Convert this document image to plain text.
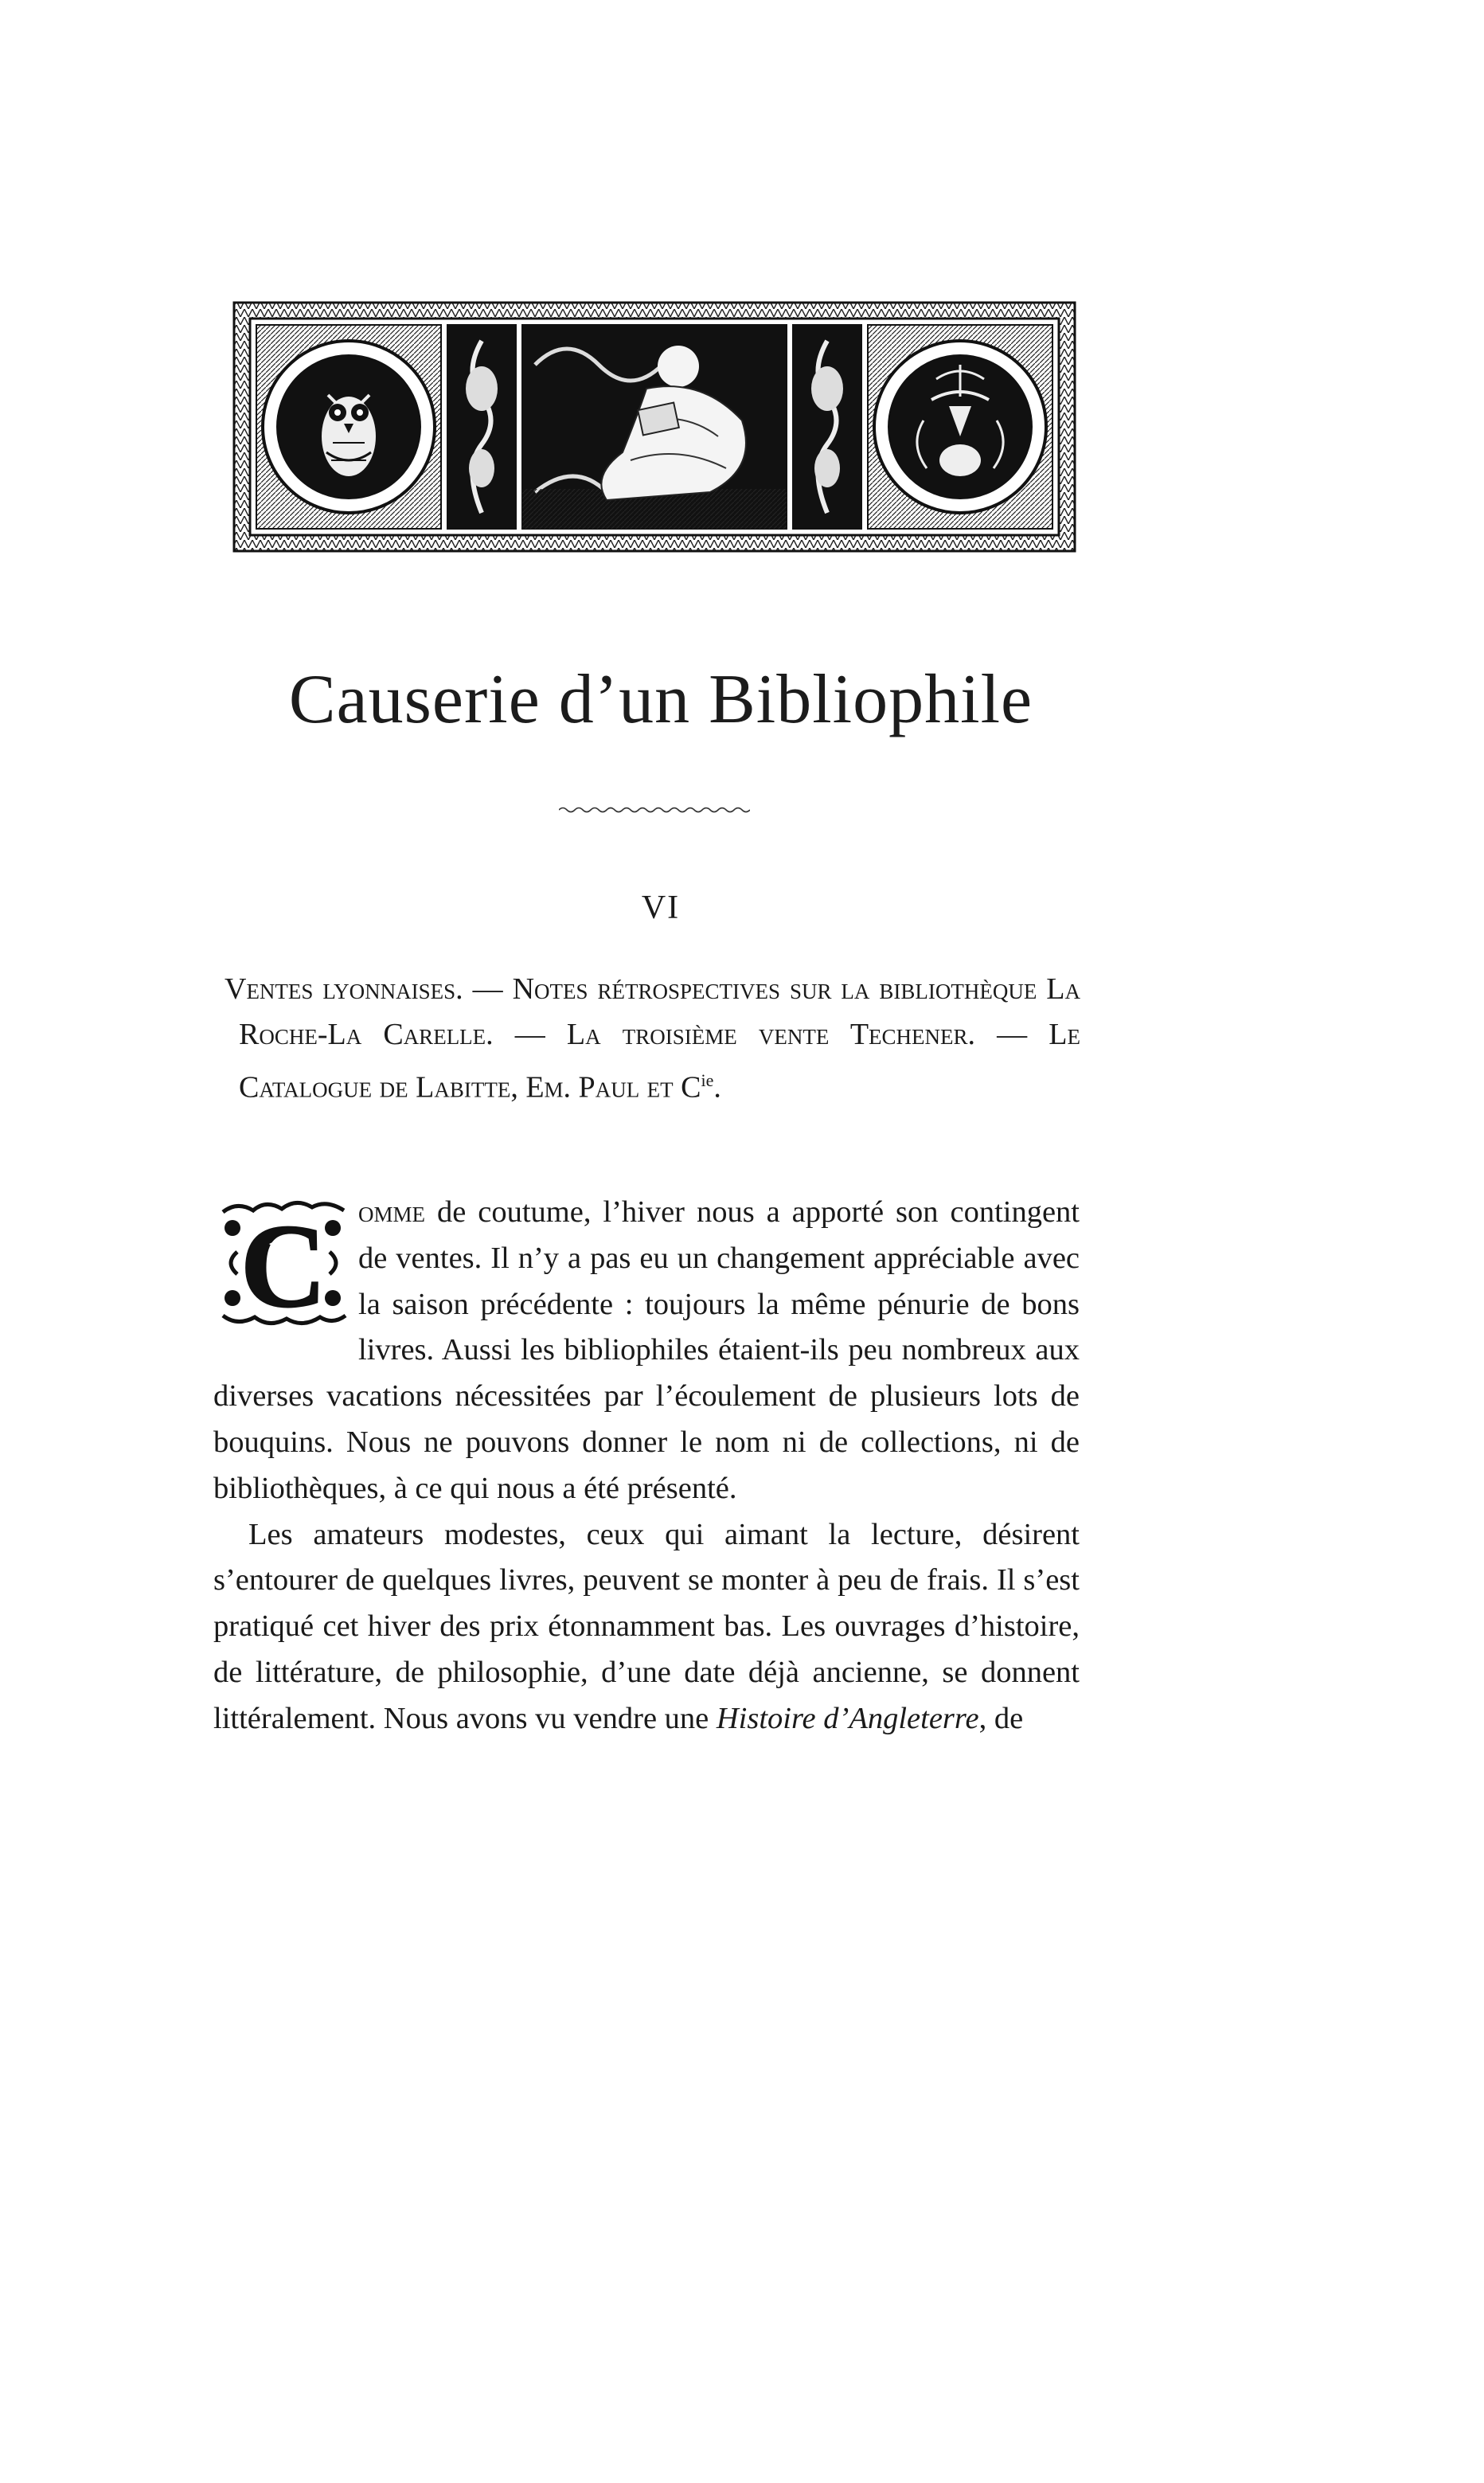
Causerie d’un Bibliophile
VI
Ventes lyonnaises. — Notes rétrospectives sur la bibliothèque La Roche-La Carelle. — La troisième vente Techener. — Le Catalogue de Labitte, Em. Paul et $C^{ie}$.

C omme de coutume, l’hiver nous a apporté son contingent de ventes. Il n’y a pas eu un changement appréciable avec la saison précédente : toujours la même pénurie de bons livres. Aussi les bibliophiles étaient-ils peu nombreux aux diverses vacations nécessitées par l’écoulement de plusieurs lots de bouquins. Nous ne pouvons donner le nom ni de collections, ni de bibliothèques, à ce qui nous a été présenté.

Les amateurs modestes, ceux qui aimant la lecture, désirent s’entourer de quelques livres, peuvent se monter à peu de frais. Il s’est pratiqué cet hiver des prix étonnamment bas. Les ouvrages d’histoire, de littérature, de philosophie, d’une date déjà ancienne, se donnent littéralement. Nous avons vu vendre une Histoire d’Angleterre, de
